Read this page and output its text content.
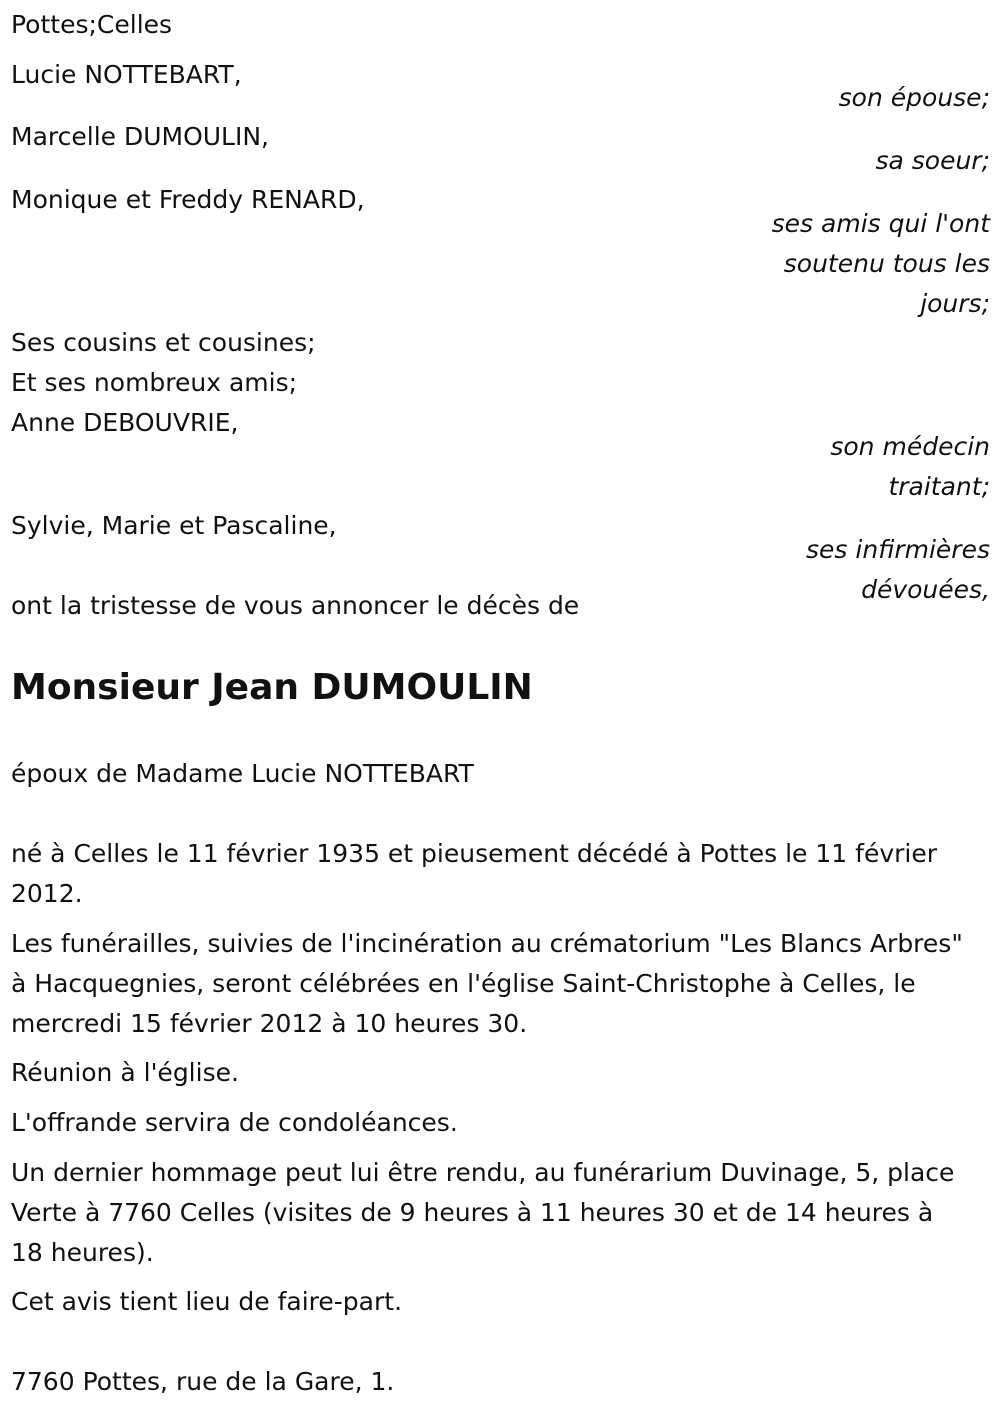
Pottes;Celles
Lucie NOTTEBART,
son épouse;
Marcelle DUMOULIN,
sa soeur;
Monique et Freddy RENARD,
ses amis qui l'ont soutenu tous les jours;
Ses cousins et cousines;
Et ses nombreux amis;
Anne DEBOUVRIE,
son médecin traitant;
Sylvie, Marie et Pascaline,
ses infirmières dévouées,
ont la tristesse de vous annoncer le décès de
Monsieur Jean DUMOULIN
époux de Madame Lucie NOTTEBART
né à Celles le 11 février 1935 et pieusement décédé à Pottes le 11 février 2012.
Les funérailles, suivies de l'incinération au crématorium "Les Blancs Arbres" à Hacquegnies, seront célébrées en l'église Saint-Christophe à Celles, le mercredi 15 février 2012 à 10 heures 30.
Réunion à l'église.
L'offrande servira de condoléances.
Un dernier hommage peut lui être rendu, au funérarium Duvinage, 5, place Verte à 7760 Celles (visites de 9 heures à 11 heures 30 et de 14 heures à 18 heures).
Cet avis tient lieu de faire-part.
7760 Pottes, rue de la Gare, 1.
